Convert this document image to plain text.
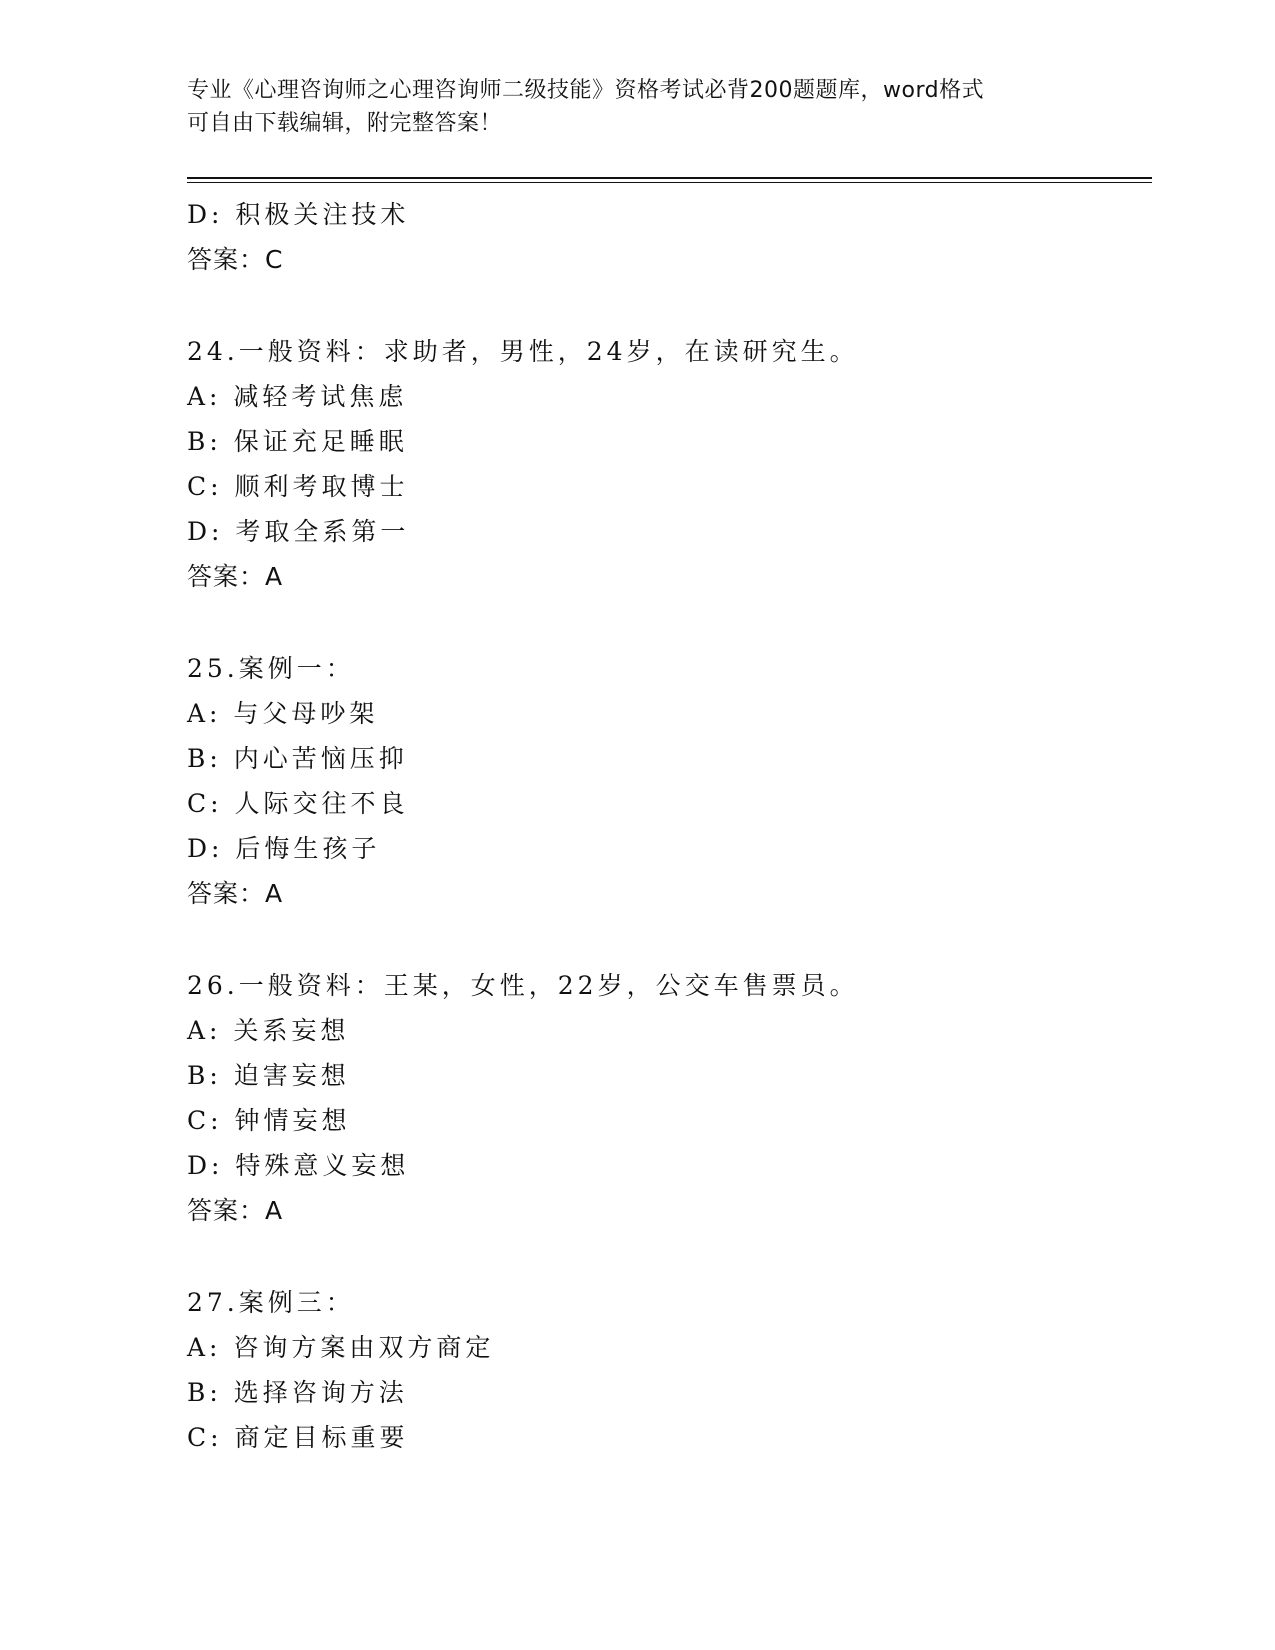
专业《心理咨询师之心理咨询师二级技能》资格考试必背200题题库，word格式
可自由下载编辑，附完整答案！
D: 积极关注技术
答案：C
24.一般资料：求助者，男性，24岁，在读研究生。
A: 减轻考试焦虑
B: 保证充足睡眠
C: 顺利考取博士
D: 考取全系第一
答案：A
25.案例一：
A: 与父母吵架
B: 内心苦恼压抑
C: 人际交往不良
D: 后悔生孩子
答案：A
26.一般资料：王某，女性，22岁，公交车售票员。
A: 关系妄想
B: 迫害妄想
C: 钟情妄想
D: 特殊意义妄想
答案：A
27.案例三：
A: 咨询方案由双方商定
B: 选择咨询方法
C: 商定目标重要
